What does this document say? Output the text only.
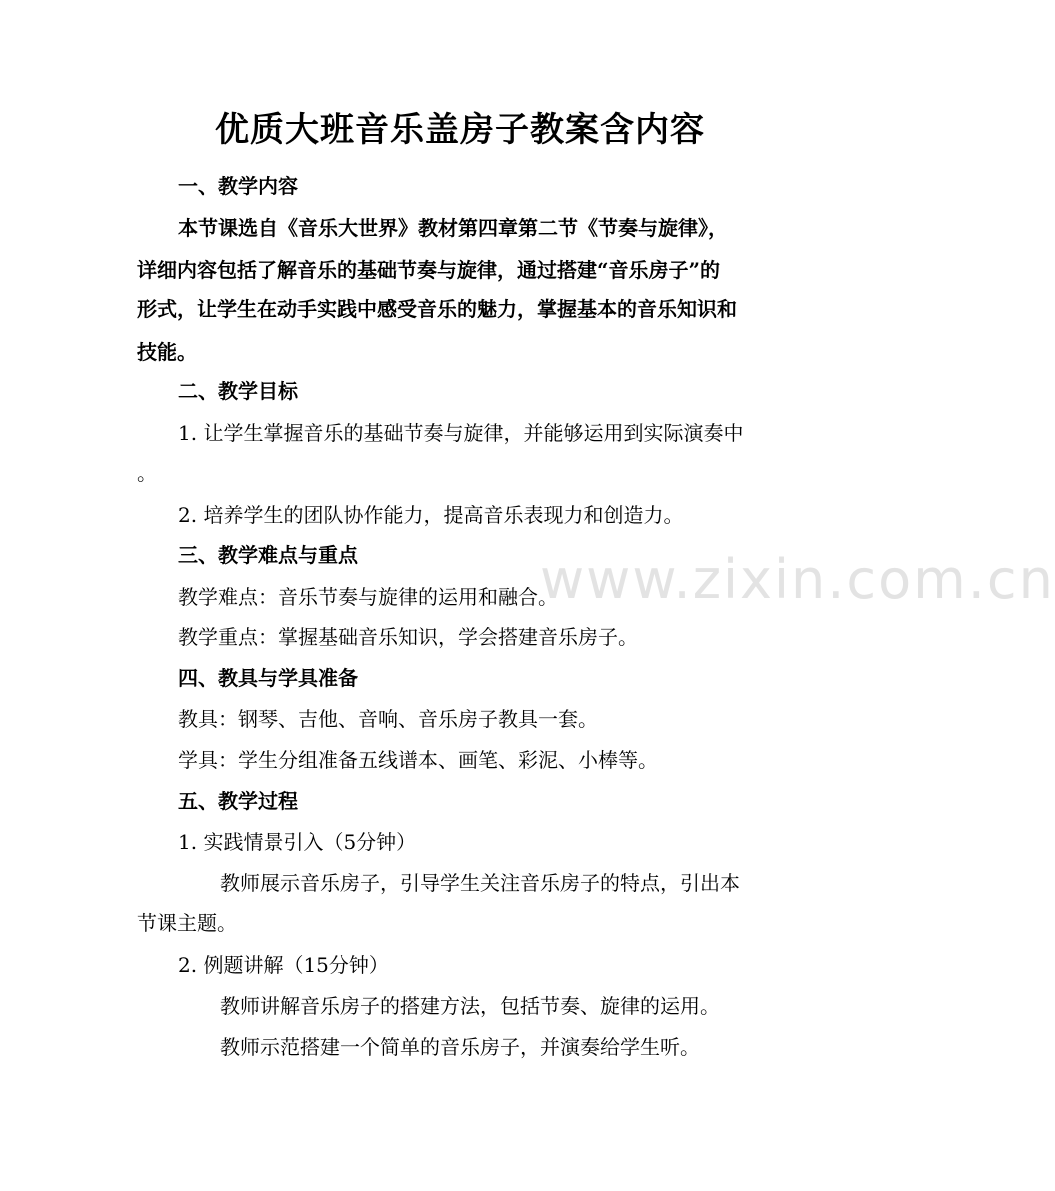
www.zixin.com.cn
优质大班音乐盖房子教案含内容
一、教学内容
本节课选自《音乐大世界》教材第四章第二节《节奏与旋律》，
详细内容包括了解音乐的基础节奏与旋律，通过搭建“音乐房子”的
形式，让学生在动手实践中感受音乐的魅力，掌握基本的音乐知识和
技能。
二、教学目标
1. 让学生掌握音乐的基础节奏与旋律，并能够运用到实际演奏中
。
2. 培养学生的团队协作能力，提高音乐表现力和创造力。
三、教学难点与重点
教学难点：音乐节奏与旋律的运用和融合。
教学重点：掌握基础音乐知识，学会搭建音乐房子。
四、教具与学具准备
教具：钢琴、吉他、音响、音乐房子教具一套。
学具：学生分组准备五线谱本、画笔、彩泥、小棒等。
五、教学过程
1. 实践情景引入（5分钟）
教师展示音乐房子，引导学生关注音乐房子的特点，引出本
节课主题。
2. 例题讲解（15分钟）
教师讲解音乐房子的搭建方法，包括节奏、旋律的运用。
教师示范搭建一个简单的音乐房子，并演奏给学生听。
